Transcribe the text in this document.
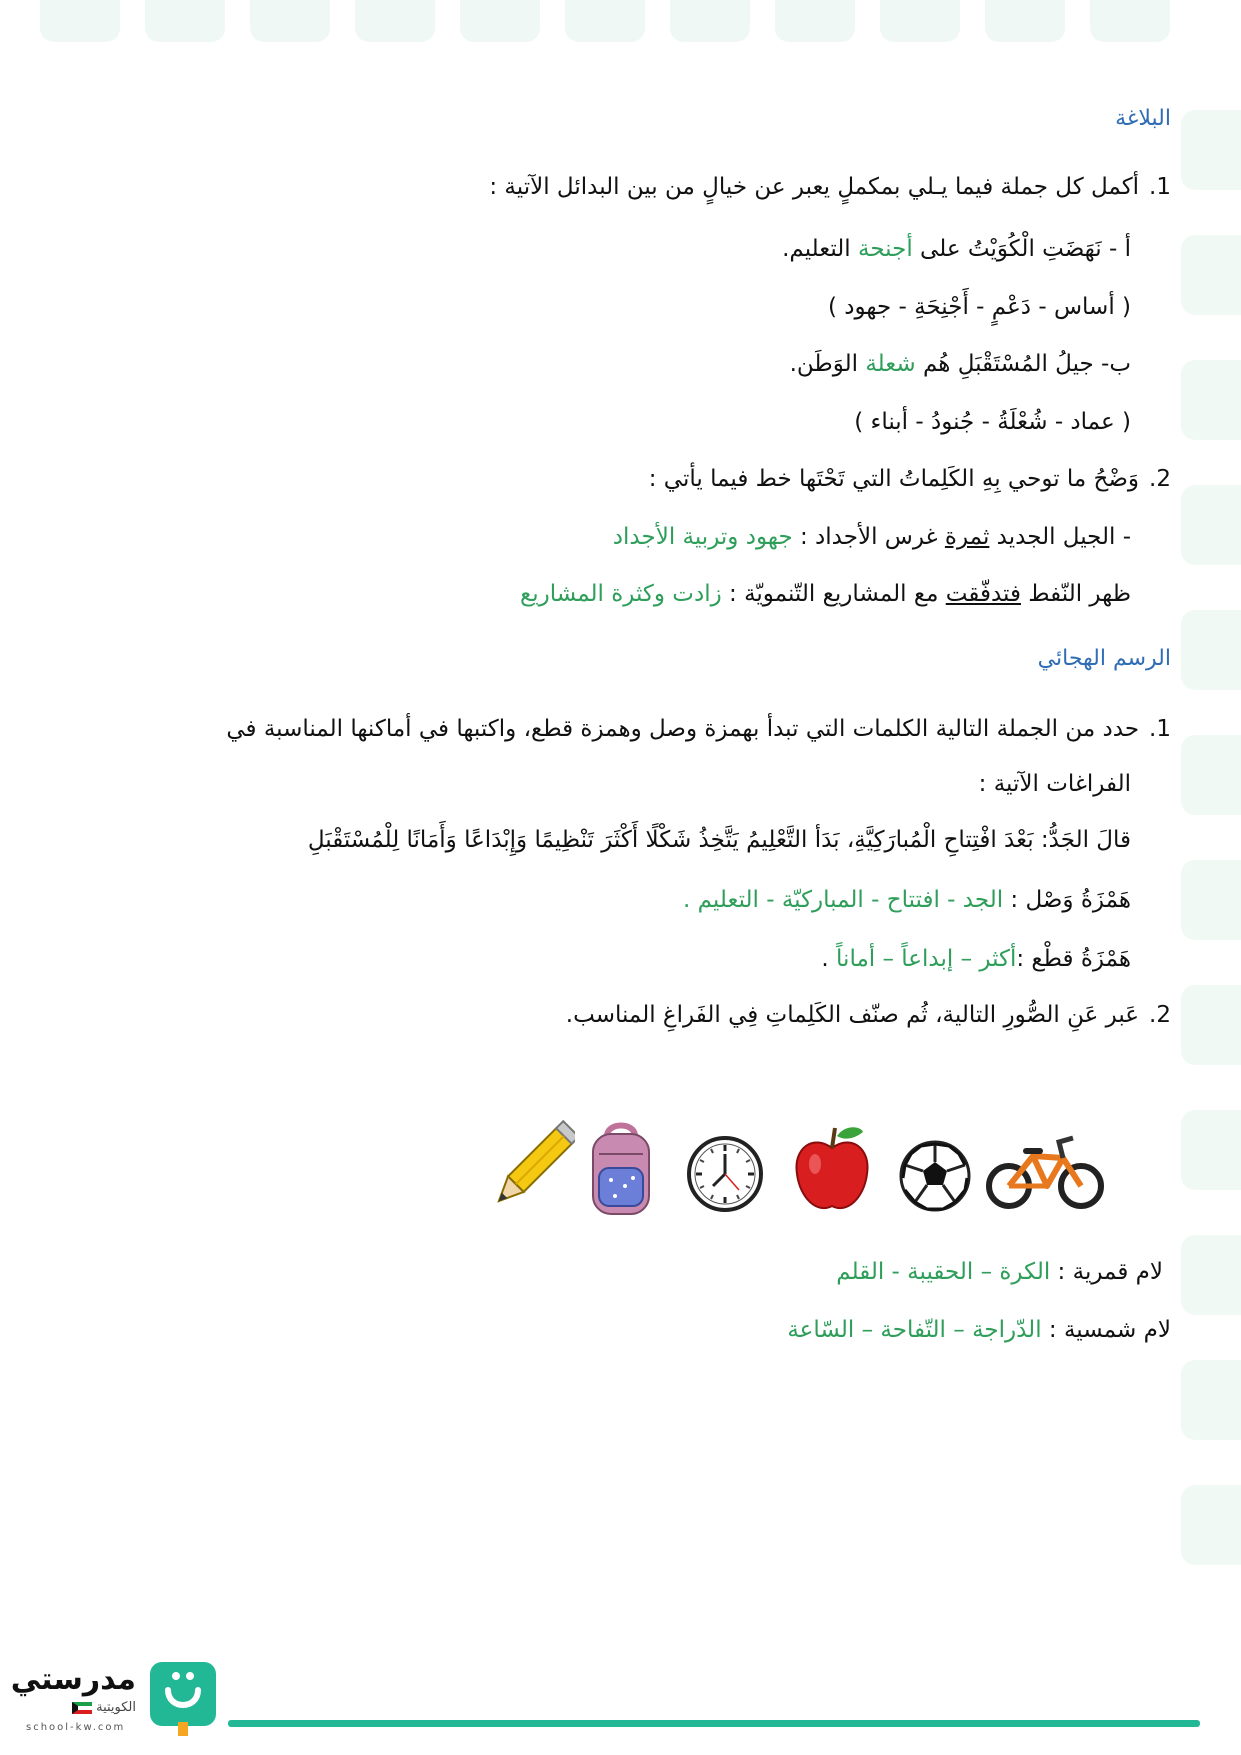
البلاغة
1.أكمل كل جملة فيما يـلي بمكملٍ يعبر عن خيالٍ من بين البدائل الآتية :
أ - نَهَضَتِ الْكُوَيْتُ على أجنحة التعليم.
( أساس - دَعْمٍ - أَجْنِحَةِ - جهود )
ب- جيلُ المُسْتَقْبَلِ هُم شعلة الوَطَن.
( عماد - شُعْلَةُ - جُنودُ - أبناء )
2.وَضْحُ ما توحي بِهِ الكَلِماتُ التي تَحْتَها خط فيما يأتي :
- الجيل الجديد ثمرة غرس الأجداد : جهود وتربية الأجداد
ظهر النّفط فتدفّقت مع المشاريع التّنمويّة : زادت وكثرة المشاريع
الرسم الهجائي
1.حدد من الجملة التالية الكلمات التي تبدأ بهمزة وصل وهمزة قطع، واكتبها في أماكنها المناسبة في
الفراغات الآتية :
قالَ الجَدُّ: بَعْدَ افْتِتاحِ الْمُبارَكِيَّةِ، بَدَأ التَّعْلِيمُ يَتَّخِذُ شَكْلًا أَكْثَرَ تَنْظِيمًا وَإِبْدَاعًا وَأَمَانًا لِلْمُسْتَقْبَلِ
هَمْزَةُ وَصْل : الجد - افتتاح - المباركيّة - التعليم .
هَمْزَةُ قطْع :أكثر – إبداعاً – أماناً .
2.عَبر عَنِ الصُّورِ التالية، ثُم صنّف الكَلِماتِ فِي الفَراغِ المناسب.
لام قمرية : الكرة – الحقيبة - القلم
لام شمسية : الدّراجة – التّفاحة – السّاعة
مدرستي
الكويتية
school-kw.com
